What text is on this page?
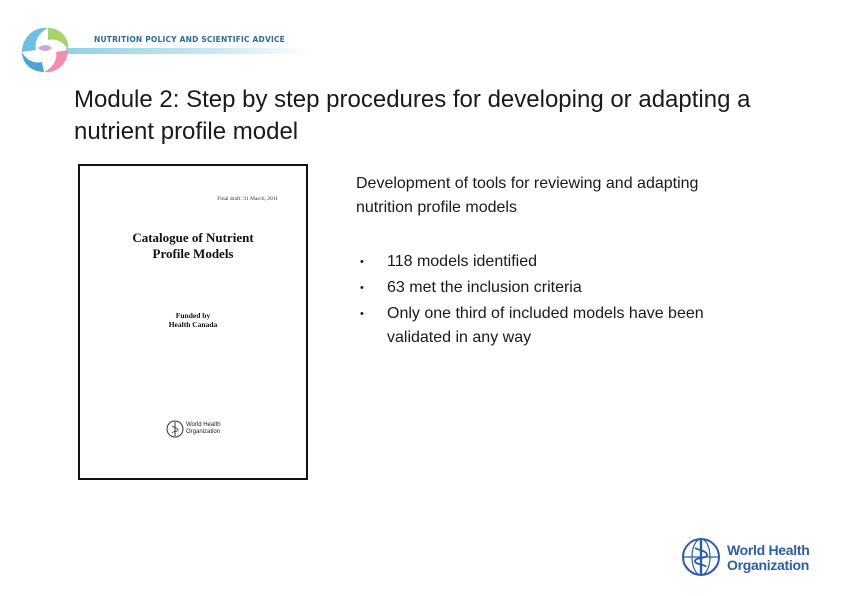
NUTRITION POLICY AND SCIENTIFIC ADVICE
Module 2: Step by step procedures for developing or adapting a nutrient profile model
Final draft: 31 March, 2011
Catalogue of Nutrient Profile Models
Funded by
Health Canada
World Health
Organization
Development of tools for reviewing and adapting nutrition profile models
• 118 models identified
• 63 met the inclusion criteria
• Only one third of included models have been validated in any way
World Health
Organization
